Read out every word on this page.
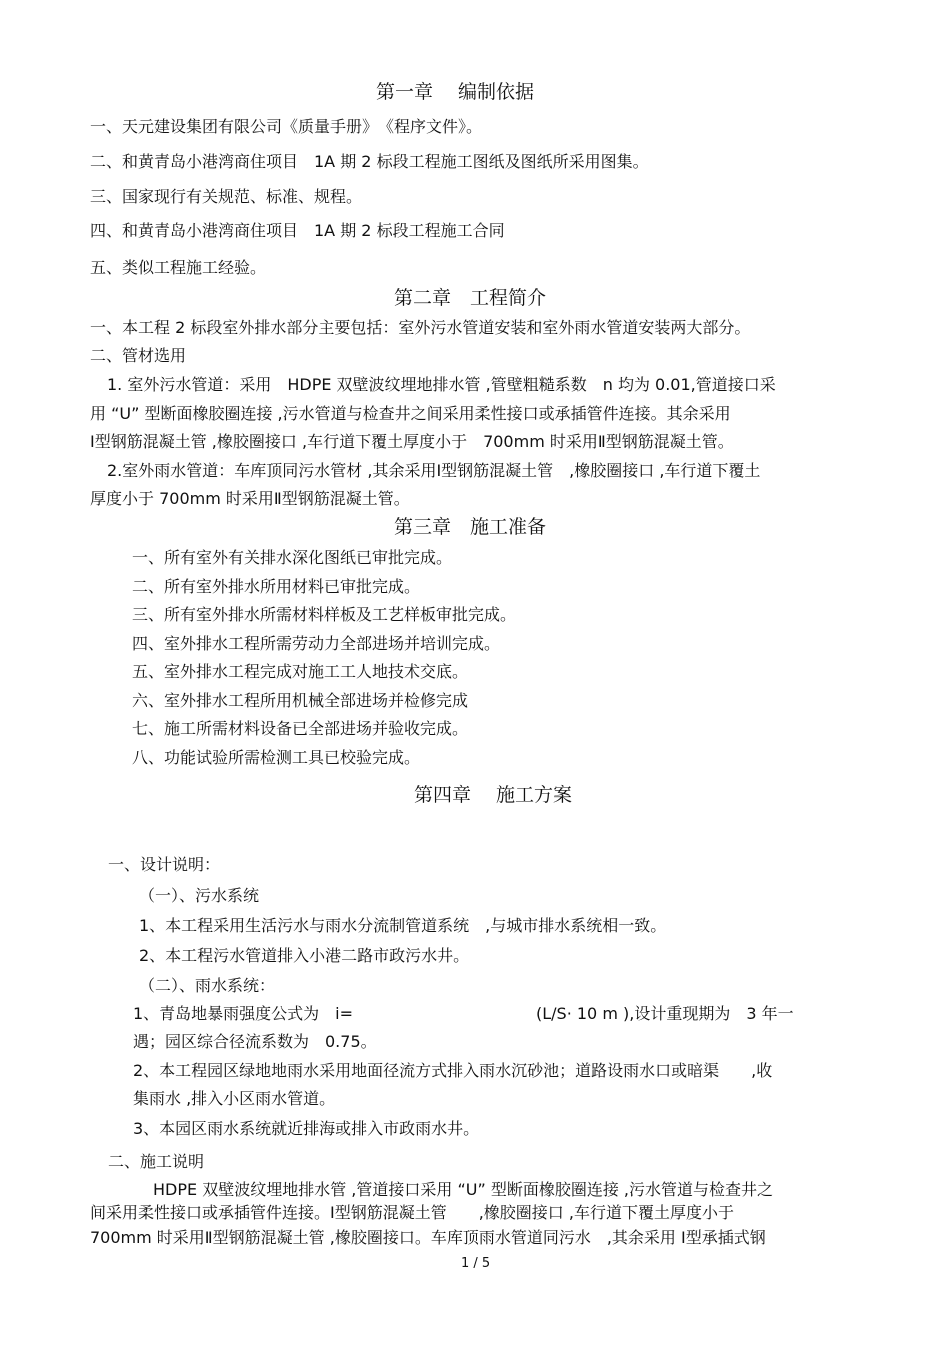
第一章　 编制依据
一、天元建设集团有限公司《质量手册》　《程序文件》。
二、和黄青岛小港湾商住项目　1A 期 2 标段工程施工图纸及图纸所采用图集。
三、国家现行有关规范、标准、规程。
四、和黄青岛小港湾商住项目　1A 期 2 标段工程施工合同
五、类似工程施工经验。
第二章　工程简介
一、本工程 2 标段室外排水部分主要包括：室外污水管道安装和室外雨水管道安装两大部分。
二、管材选用
1. 室外污水管道：采用　HDPE 双壁波纹埋地排水管 ,管壁粗糙系数　n 均为 0.01,管道接口采
用 “U” 型断面橡胶圈连接 ,污水管道与检查井之间采用柔性接口或承插管件连接。其余采用
Ⅰ型钢筋混凝土管 ,橡胶圈接口 ,车行道下覆土厚度小于　700mm 时采用Ⅱ型钢筋混凝土管。
2.室外雨水管道：车库顶同污水管材 ,其余采用Ⅰ型钢筋混凝土管　,橡胶圈接口 ,车行道下覆土
厚度小于 700mm 时采用Ⅱ型钢筋混凝土管。
第三章　施工准备
一、所有室外有关排水深化图纸已审批完成。
二、所有室外排水所用材料已审批完成。
三、所有室外排水所需材料样板及工艺样板审批完成。
四、室外排水工程所需劳动力全部进场并培训完成。
五、室外排水工程完成对施工工人地技术交底。
六、室外排水工程所用机械全部进场并检修完成
七、施工所需材料设备已全部进场并验收完成。
八、功能试验所需检测工具已校验完成。
第四章　 施工方案
一、设计说明：
（一）、污水系统
1、本工程采用生活污水与雨水分流制管道系统　,与城市排水系统相一致。
2、本工程污水管道排入小港二路市政污水井。
（二）、雨水系统：
1、青岛地暴雨强度公式为　i=	(L/S· 10 m ),设计重现期为　3 年一
遇；园区综合径流系数为　0.75。
2、本工程园区绿地地雨水采用地面径流方式排入雨水沉砂池；道路设雨水口或暗渠　　,收
集雨水 ,排入小区雨水管道。
3、本园区雨水系统就近排海或排入市政雨水井。
二、施工说明
HDPE 双壁波纹埋地排水管 ,管道接口采用 “U” 型断面橡胶圈连接 ,污水管道与检查井之
间采用柔性接口或承插管件连接。Ⅰ型钢筋混凝土管　　,橡胶圈接口 ,车行道下覆土厚度小于
700mm 时采用Ⅱ型钢筋混凝土管 ,橡胶圈接口。车库顶雨水管道同污水　,其余采用 Ⅰ型承插式钢
1 / 5
